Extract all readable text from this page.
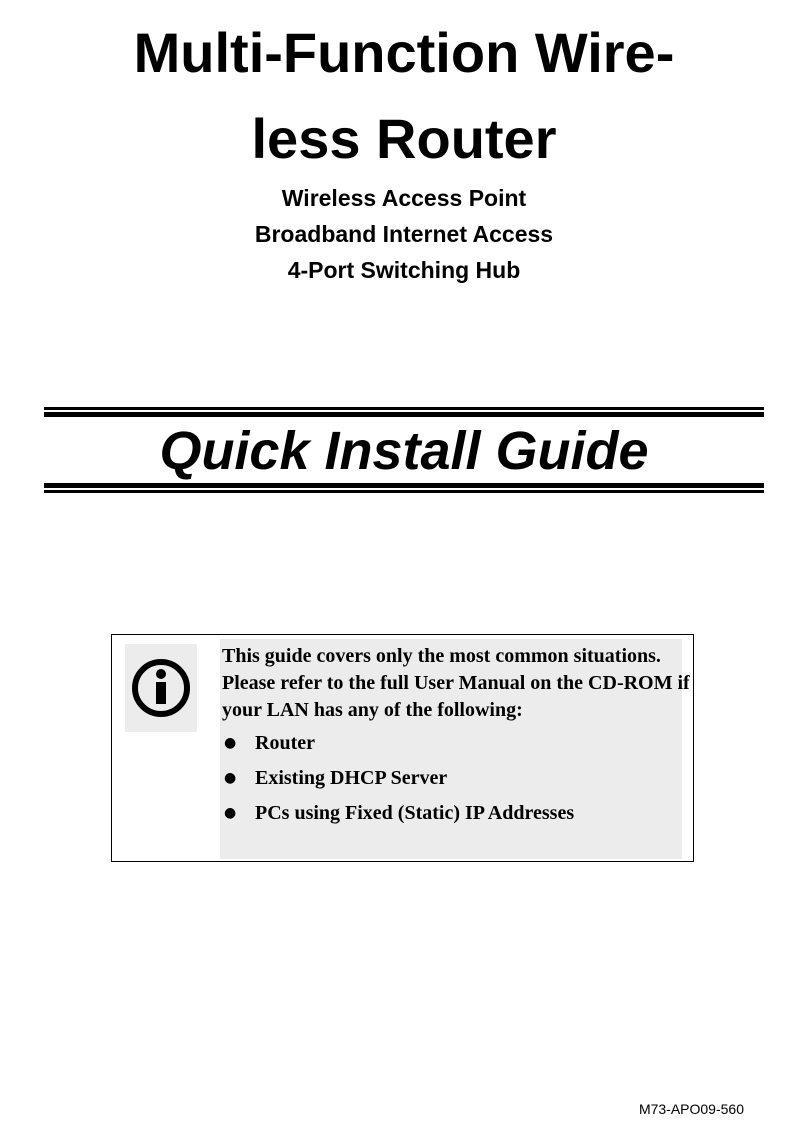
Multi-Function Wire-
less Router
Wireless Access Point
Broadband Internet Access
4-Port Switching Hub
Quick Install Guide

This guide covers only the most common situations. Please refer to the full User Manual on the CD-ROM if your LAN has any of the following:

● Router
● Existing DHCP Server
● PCs using Fixed (Static) IP Addresses
M73-APO09-560
